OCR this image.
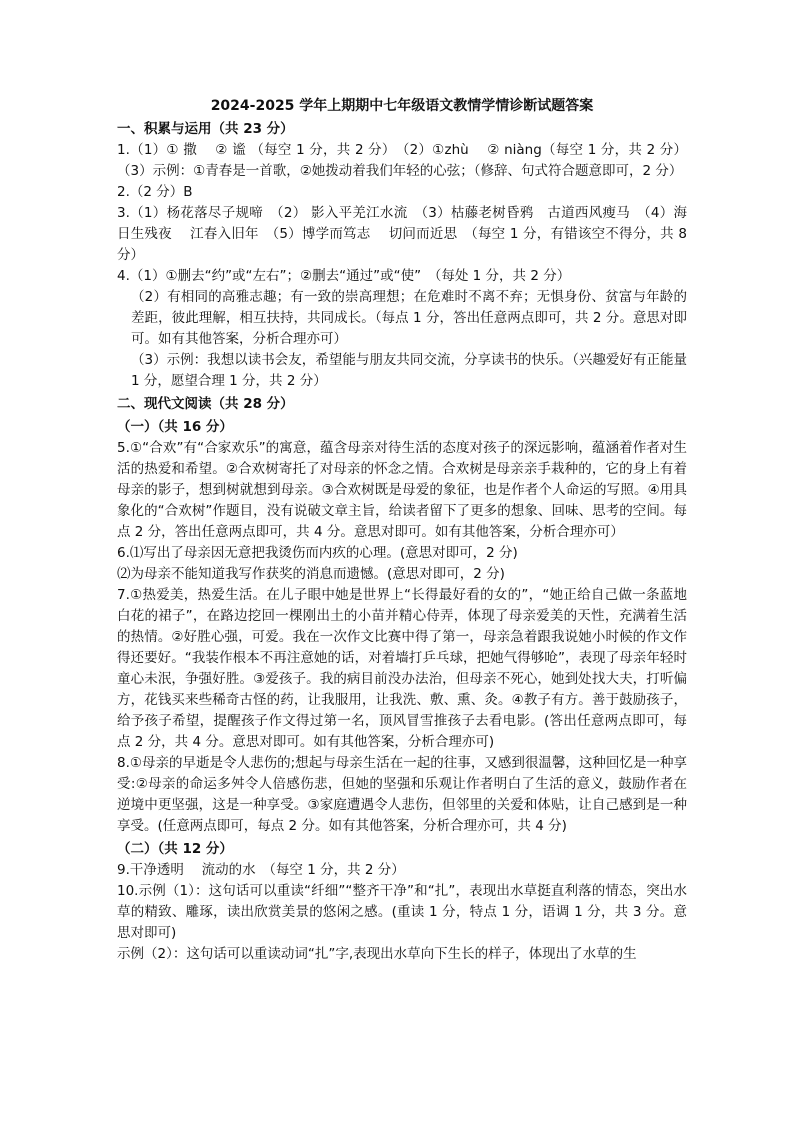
2024-2025 学年上期期中七年级语文教情学情诊断试题答案
一、积累与运用（共 23 分）
1.（1）① 撒　 ② 谧 （每空 1 分，共 2 分）　（2）①zhù　 ② niàng（每空 1 分，共 2 分）（3）示例：①青春是一首歌，②她拨动着我们年轻的心弦；（修辞、句式符合题意即可，2 分）
2.（2 分）B
3.（1）杨花落尽子规啼　（2） 影入平羌江水流　（3）枯藤老树昏鸦　古道西风瘦马　（4）海日生残夜　 江春入旧年　（5）博学而笃志　 切问而近思　（每空 1 分，有错该空不得分，共 8 分）
4.（1）①删去“约”或“左右”；②删去“通过”或“使”　（每处 1 分，共 2 分）
（2）有相同的高雅志趣；有一致的崇高理想；在危难时不离不弃；无惧身份、贫富与年龄的差距，彼此理解，相互扶持，共同成长。（每点 1 分，答出任意两点即可，共 2 分。意思对即可。如有其他答案，分析合理亦可）
（3）示例：我想以读书会友，希望能与朋友共同交流，分享读书的快乐。（兴趣爱好有正能量 1 分，愿望合理 1 分，共 2 分）
二、现代文阅读（共 28 分）
（一）（共 16 分）
5.①“合欢”有“合家欢乐”的寓意，蕴含母亲对待生活的态度对孩子的深远影响，蕴涵着作者对生活的热爱和希望。②合欢树寄托了对母亲的怀念之情。合欢树是母亲亲手栽种的，它的身上有着母亲的影子，想到树就想到母亲。③合欢树既是母爱的象征，也是作者个人命运的写照。④用具象化的“合欢树”作题目，没有说破文章主旨，给读者留下了更多的想象、回味、思考的空间。每点 2 分，答出任意两点即可，共 4 分。意思对即可。如有其他答案，分析合理亦可）
6.⑴写出了母亲因无意把我烫伤而内疚的心理。(意思对即可，2 分)
⑵为母亲不能知道我写作获奖的消息而遗憾。(意思对即可，2 分)
7.①热爱美，热爱生活。在儿子眼中她是世界上“长得最好看的女的”，“她正给自己做一条蓝地白花的裙子”，在路边挖回一棵刚出土的小苗并精心侍弄，体现了母亲爱美的天性，充满着生活的热情。②好胜心强，可爱。我在一次作文比赛中得了第一，母亲急着跟我说她小时候的作文作得还要好。“我装作根本不再注意她的话，对着墙打乒乓球，把她气得够呛”，表现了母亲年轻时童心未泯，争强好胜。③爱孩子。我的病目前没办法治，但母亲不死心，她到处找大夫，打听偏方，花钱买来些稀奇古怪的药，让我服用，让我洗、敷、熏、灸。④教子有方。善于鼓励孩子，给予孩子希望，提醒孩子作文得过第一名，顶风冒雪推孩子去看电影。(答出任意两点即可，每点 2 分，共 4 分。意思对即可。如有其他答案，分析合理亦可)
8.①母亲的早逝是令人悲伤的;想起与母亲生活在一起的往事，又感到很温馨，这种回忆是一种享受:②母亲的命运多舛令人倍感伤悲，但她的坚强和乐观让作者明白了生活的意义，鼓励作者在逆境中更坚强，这是一种享受。③家庭遭遇令人悲伤，但邻里的关爱和体贴，让自己感到是一种享受。(任意两点即可，每点 2 分。如有其他答案，分析合理亦可，共 4 分)
（二）（共 12 分）
9.干净透明　 流动的水　（每空 1 分，共 2 分）
10.示例（1）：这句话可以重读“纤细”“整齐干净”和“扎”，表现出水草挺直利落的情态，突出水草的精致、雕琢，读出欣赏美景的悠闲之感。(重读 1 分，特点 1 分，语调 1 分，共 3 分。意思对即可)
示例（2）：这句话可以重读动词“扎”字,表现出水草向下生长的样子，体现出了水草的生
